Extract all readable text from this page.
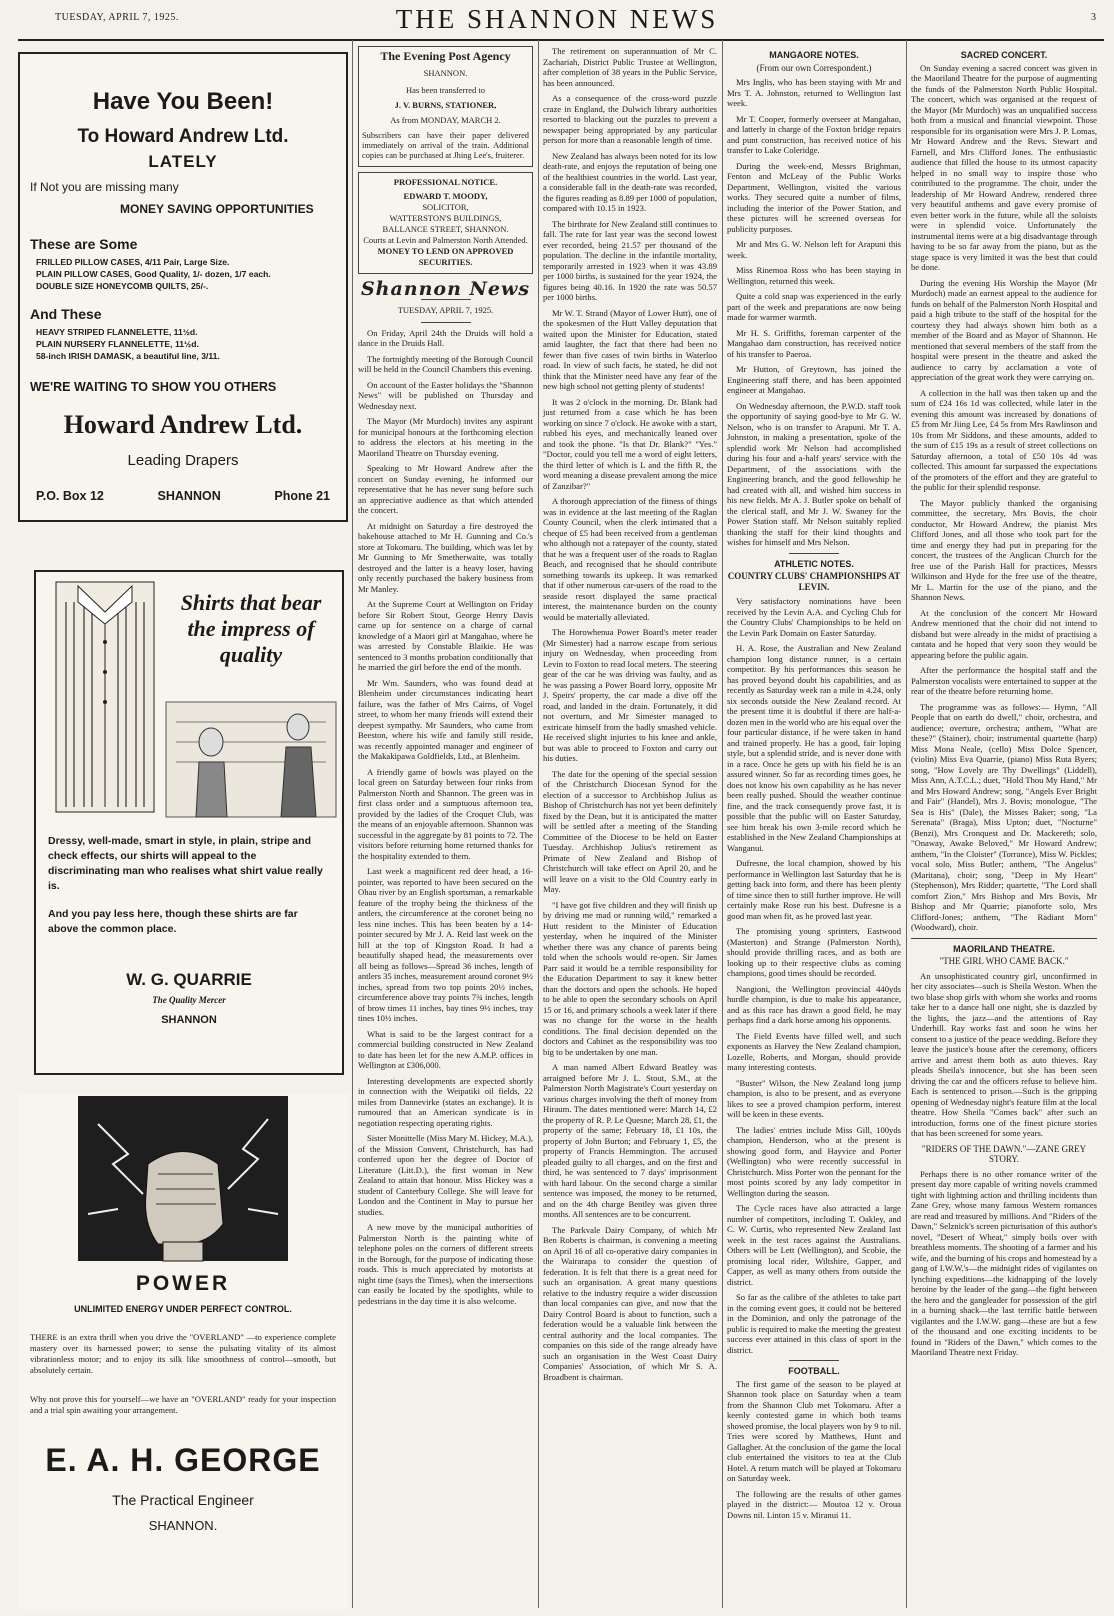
TUESDAY, APRIL 7, 1925.	THE SHANNON NEWS	3
Have You Been!
To Howard Andrew Ltd.
LATELY
If Not you are missing many
MONEY SAVING OPPORTUNITIES
These are Some
FRILLED PILLOW CASES, 4/11 Pair, Large Size.
PLAIN PILLOW CASES, Good Quality, 1/- dozen, 1/7 each.
DOUBLE SIZE HONEYCOMB QUILTS, 25/-.
And These
HEAVY STRIPED FLANNELETTE, 11½d.
PLAIN NURSERY FLANNELETTE, 11½d.
58-inch IRISH DAMASK, a beautiful line, 3/11.
WE'RE WAITING TO SHOW YOU OTHERS
Howard Andrew Ltd.
Leading Drapers
P.O. Box 12	SHANNON	Phone 21
Shirts that bear the impress of quality
Dressy, well-made, smart in style, in plain, stripe and check effects, our shirts will appeal to the discriminating man who realises what shirt value really is.
And you pay less here, though these shirts are far above the common place.
W. G. QUARRIE
The Quality Mercer
SHANNON
POWER
UNLIMITED ENERGY UNDER PERFECT CONTROL.
THERE is an extra thrill when you drive the "OVERLAND" —to experience complete mastery over its harnessed power; to sense the pulsating vitality of its almost vibrationless motor; and to enjoy its silk like smoothness of control—smooth, but absolutely certain.
Why not prove this for yourself—we have an "OVERLAND" ready for your inspection and a trial spin awaiting your arrangement.
E. A. H. GEORGE
The Practical Engineer
SHANNON.
The Evening Post Agency
SHANNON.
Has been transferred to
J. V. BURNS, STATIONER,
As from MONDAY, MARCH 2.
Subscribers can have their paper delivered immediately on arrival of the train. Additional copies can be purchased at Jhing Lee's, fruiterer.
PROFESSIONAL NOTICE.
EDWARD T. MOODY,
SOLICITOR,
WATTERSTON'S BUILDINGS,
BALLANCE STREET, SHANNON.
Courts at Levin and Palmerston North Attended.
MONEY TO LEND ON APPROVED SECURITIES.
Shannon News
TUESDAY, APRIL 7, 1925.

On Friday, April 24th the Druids will hold a dance in the Druids Hall.

The fortnightly meeting of the Borough Council will be held in the Council Chambers this evening.

On account of the Easter holidays the "Shannon News" will be published on Thursday and Wednesday next.

The Mayor (Mr Murdoch) invites any aspirant for municipal honours at the forthcoming election to address the electors at his meeting in the Maoriland Theatre on Thursday evening.

Speaking to Mr Howard Andrew after the concert on Sunday evening, he informed our representative that he has never sung before such an appreciative audience as that which attended the concert.

At midnight on Saturday a fire destroyed the bakehouse attached to Mr H. Gunning and Co.'s store at Tokomaru. The building, which was let by Mr Gunning to Mr Smetherwaite, was totally destroyed and the latter is a heavy loser, having only recently purchased the bakery business from Mr Manley.

At the Supreme Court at Wellington on Friday before Sir Robert Stout, George Henry Davis came up for sentence on a charge of carnal knowledge of a Maori girl at Mangahao, where he was arrested by Constable Blaikie. He was sentenced to 3 months probation conditionally that he married the girl before the end of the month.

Mr Wm. Saunders, who was found dead at Blenheim under circumstances indicating heart failure, was the father of Mrs Cairns, of Vogel street, to whom her many friends will extend their deepest sympathy. Mr Saunders, who came from Beeston, where his wife and family still reside, was recently appointed manager and engineer of the Makakipawa Goldfields, Ltd., at Blenheim.

A friendly game of bowls was played on the local green on Saturday between four rinks from Palmerston North and Shannon. The green was in first class order and a sumptuous afternoon tea, provided by the ladies of the Croquet Club, was the means of an enjoyable afternoon. Shannon was successful in the aggregate by 81 points to 72. The visitors before returning home returned thanks for the hospitality extended to them.

Last week a magnificent red deer head, a 16-pointer, was reported to have been secured on the Ohau river by an English sportsman, a remarkable feature of the trophy being the thickness of the antlers, the circumference at the coronet being no less nine inches. This has been beaten by a 14-pointer secured by Mr J. A. Reid last week on the hill at the top of Kingston Road. It had a beautifully shaped head, the measurements over all being as follows—Spread 36 inches, length of antlers 35 inches, measurement around coronet 9½ inches, spread from two top points 20½ inches, circumference above tray points 7¾ inches, length of brow times 11 inches, bay tines 9½ inches, tray tines 10½ inches.

What is said to be the largest contract for a commercial building constructed in New Zealand to date has been let for the new A.M.P. offices in Wellington at £306,000.

Interesting developments are expected shortly in connection with the Weipatiki oil fields, 22 miles from Dannevirke (states an exchange). It is rumoured that an American syndicate is in negotiation respecting operating rights.

Sister Monittelle (Miss Mary M. Hickey, M.A.), of the Mission Convent, Christchurch, has had conferred upon her the degree of Doctor of Literature (Litt.D.), the first woman in New Zealand to attain that honour. Miss Hickey was a student of Canterbury College. She will leave for London and the Continent in May to pursue her studies.

A new move by the municipal authorities of Palmerston North is the painting white of telephone poles on the corners of different streets in the Borough, for the purpose of indicating those roads. This is much appreciated by motorists at night time (says the Times), when the intersections can easily be located by the spotlights, while to pedestrians in the day time it is also welcome.

The retirement on superannuation of Mr C. Zachariah, District Public Trustee at Wellington, after completion of 38 years in the Public Service, has been announced.

As a consequence of the cross-word puzzle craze in England, the Dulwich library authorities resorted to blacking out the puzzles to prevent a newspaper being appropriated by any particular person for more than a reasonable length of time.

New Zealand has always been noted for its low death-rate, and enjoys the reputation of being one of the healthiest countries in the world. Last year, a considerable fall in the death-rate was recorded, the figures reading as 8.89 per 1000 of population, compared with 10.15 in 1923.

The birthrate for New Zealand still continues to fall. The rate for last year was the second lowest ever recorded, being 21.57 per thousand of the population. The decline in the infantile mortality, temporarily arrested in 1923 when it was 43.89 per 1000 births, is sustained for the year 1924, the figures being 40.16. In 1920 the rate was 50.57 per 1000 births.

Mr W. T. Strand (Mayor of Lower Hutt), one of the spokesmen of the Hutt Valley deputation that waited upon the Minister for Education, stated amid laughter, the fact that there had been no fewer than five cases of twin births in Waterloo road. In view of such facts, he stated, he did not think that the Minister need have any fear of the new high school not getting plenty of students!

It was 2 o'clock in the morning. Dr. Blank had just returned from a case which he has been working on since 7 o'clock. He awoke with a start, rubbed his eyes, and mechanically leaned over and took the phone. "Is that Dr. Blank?" "Yes." "Doctor, could you tell me a word of eight letters, the third letter of which is L and the fifth R, the word meaning a disease prevalent among the mice of Zanzibar?"

A thorough appreciation of the fitness of things was in evidence at the last meeting of the Raglan County Council, when the clerk intimated that a cheque of £5 had been received from a gentleman who although not a ratepayer of the county, stated that he was a frequent user of the roads to Raglan Beach, and recognised that he should contribute something towards its upkeep. It was remarked that if other numerous car-users of the road to the seaside resort displayed the same practical interest, the maintenance burden on the county would be materially alleviated.

The Horowhenua Power Board's meter reader (Mr Simester) had a narrow escape from serious injury on Wednesday, when proceeding from Levin to Foxton to read local meters. The steering gear of the car he was driving was faulty, and as he was passing a Power Board lorry, opposite Mr J. Speirs' property, the car made a dive off the road, and landed in the drain. Fortunately, it did not overturn, and Mr Simester managed to extricate himself from the badly smashed vehicle. He received slight injuries to his knee and ankle, but was able to proceed to Foxton and carry out his duties.

The date for the opening of the special session of the Christchurch Diocesan Synod for the election of a successor to Archbishop Julius as Bishop of Christchurch has not yet been definitely fixed by the Dean, but it is anticipated the matter will be settled after a meeting of the Standing Committee of the Diocese to be held on Easter Tuesday. Archbishop Julius's retirement as Primate of New Zealand and Bishop of Christchurch will take effect on April 20, and he will leave on a visit to the Old Country early in May.

"I have got five children and they will finish up by driving me mad or running wild," remarked a Hutt resident to the Minister of Education yesterday, when he inquired of the Minister whether there was any chance of parents being told when the schools would re-open. Sir James Parr said it would be a terrible responsibility for the Education Department to say it knew better than the doctors and open the schools. He hoped to be able to open the secondary schools on April 15 or 16, and primary schools a week later if there was no change for the worse in the health conditions. The final decision depended on the doctors and Cabinet as the responsibility was too big to be undertaken by one man.

A man named Albert Edward Beatley was arraigned before Mr J. L. Stout, S.M., at the Palmerston North Magistrate's Court yesterday on various charges involving the theft of money from Hiraum. The dates mentioned were: March 14, £2 the property of R. P. Le Quesne; March 28, £1, the property of the same; February 18, £1 10s, the property of John Burton; and February 1, £5, the property of Francis Hemmington. The accused pleaded guilty to all charges, and on the first and third, he was sentenced to 7 days' imprisonment with hard labour. On the second charge a similar sentence was imposed, the money to be returned, and on the 4th charge Bentley was given three months. All sentences are to be concurrent.

The Parkvale Dairy Company, of which Mr Ben Roberts is chairman, is convening a meeting on April 16 of all co-operative dairy companies in the Wairarapa to consider the question of federation. It is felt that there is a great need for such an organisation. A great many questions relative to the industry require a wider discussion than local companies can give, and now that the Dairy Control Board is about to function, such a federation would be a valuable link between the central authority and the local companies. The companies on this side of the range already have such an organisation in the West Coast Dairy Companies' Association, of which Mr S. A. Broadbent is chairman.

MANGAORE NOTES.
(From our own Correspondent.)

Mrs Inglis, who has been staying with Mr and Mrs T. A. Johnston, returned to Wellington last week.

Mr T. Cooper, formerly overseer at Mangahao, and latterly in charge of the Foxton bridge repairs and punt construction, has received notice of his transfer to Lake Coleridge.

During the week-end, Messrs Brighman, Fenton and McLeay of the Public Works Department, Wellington, visited the various works. They secured quite a number of films, including the interior of the Power Station, and these pictures will be screened overseas for publicity purposes.

Mr and Mrs G. W. Nelson left for Arapuni this week.

Miss Rinemoa Ross who has been staying in Wellington, returned this week.

Quite a cold snap was experienced in the early part of the week and preparations are now being made for warmer warmth.

Mr H. S. Griffiths, foreman carpenter of the Mangahao dam construction, has received notice of his transfer to Paeroa.

Mr Hutton, of Greytown, has joined the Engineering staff there, and has been appointed engineer at Mangahao.

On Wednesday afternoon, the P.W.D. staff took the opportunity of saying good-bye to Mr G. W. Nelson, who is on transfer to Arapuni. Mr T. A. Johnston, in making a presentation, spoke of the splendid work Mr Nelson had accomplished during his four and a-half years' service with the Department, of the associations with the Engineering branch, and the good fellowship he had created with all, and wished him success in his new fields. Mr A. J. Butler spoke on behalf of the clerical staff, and Mr J. W. Swaney for the Power Station staff. Mr Nelson suitably replied thanking the staff for their kind thoughts and wishes for himself and Mrs Nelson.

ATHLETIC NOTES.
COUNTRY CLUBS' CHAMPIONSHIPS AT LEVIN.

Very satisfactory nominations have been received by the Levin A.A. and Cycling Club for the Country Clubs' Championships to be held on the Levin Park Domain on Easter Saturday.

H. A. Rose, the Australian and New Zealand champion long distance runner, is a certain competitor. By his performances this season he has proved beyond doubt his capabilities, and as recently as Saturday week ran a mile in 4.24, only six seconds outside the New Zealand record. At the present time it is doubtful if there are half-a-dozen men in the world who are his equal over the four particular distance, if he were taken in hand and trained properly. He has a good, fair loping style, but a splendid stride, and is never done with in a race. Once he gets up with his field he is an assured winner. So far as recording times goes, he does not know his own capability as he has never been really pushed. Should the weather continue fine, and the track consequently prove fast, it is possible that the public will on Easter Saturday, see him break his own 3-mile record which he established in the New Zealand Championships at Wanganui.

Dufresne, the local champion, showed by his performance in Wellington last Saturday that he is getting back into form, and there has been plenty of time since then to still further improve. He will certainly make Rose run his best. Dufresne is a good man when fit, as he proved last year.

The promising young sprinters, Eastwood (Masterton) and Strange (Palmerston North), should provide thrilling races, and as both are looking up to their respective clubs as coming champions, good times should be recorded.

Nangioni, the Wellington provincial 440yds hurdle champion, is due to make his appearance, and as this race has drawn a good field, he may perhaps find a dark horse among his opponents.

The Field Events have filled well, and such exponents as Harvey the New Zealand champion, Lozelle, Roberts, and Morgan, should provide many interesting contests.

"Buster" Wilson, the New Zealand long jump champion, is also to be present, and as everyone likes to see a proved champion perform, interest will be keen in these events.

The ladies' entries include Miss Gill, 100yds champion, Henderson, who at the present is showing good form, and Hayvice and Porter (Wellington) who were recently successful in Christchurch. Miss Porter won the pennant for the most points scored by any lady competitor in Wellington during the season.

The Cycle races have also attracted a large number of competitors, including T. Oakley, and C. W. Curtis, who represented New Zealand last week in the test races against the Australians. Others will be Lett (Wellington), and Scobie, the promising local rider, Wiltshire, Gapper, and Capper, as well as many others from outside the district.

So far as the calibre of the athletes to take part in the coming event goes, it could not be bettered in the Dominion, and only the patronage of the public is required to make the meeting the greatest success ever attained in this class of sport in the district.

FOOTBALL.

The first game of the season to be played at Shannon took place on Saturday when a team from the Shannon Club met Tokomaru. After a keenly contested game in which both teams showed promise, the local players won by 9 to nil. Tries were scored by Matthews, Hunt and Gallagher. At the conclusion of the game the local club entertained the visitors to tea at the Club Hotel. A return match will be played at Tokomaru on Saturday week.

The following are the results of other games played in the district:— Moutoa 12 v. Oroua Downs nil. Linton 15 v. Miranui 11.

SACRED CONCERT.

On Sunday evening a sacred concert was given in the Maoriland Theatre for the purpose of augmenting the funds of the Palmerston North Public Hospital. The concert, which was organised at the request of the Mayor (Mr Murdoch) was an unqualified success both from a musical and financial viewpoint. Those responsible for its organisation were Mrs J. P. Lomas, Mr Howard Andrew and the Revs. Stewart and Farnell, and Mrs Clifford Jones. The enthusiastic audience that filled the house to its utmost capacity helped in no small way to inspire those who contributed to the programme. The choir, under the leadership of Mr Howard Andrew, rendered three very beautiful anthems and gave every promise of even better work in the future, while all the soloists were in splendid voice. Unfortunately the instrumental items were at a big disadvantage through having to be so far away from the piano, but as the stage space is very limited it was the best that could be done.

During the evening His Worship the Mayor (Mr Murdoch) made an earnest appeal to the audience for funds on behalf of the Palmerston North Hospital and paid a high tribute to the staff of the hospital for the courtesy they had always shown him both as a member of the Board and as Mayor of Shannon. He mentioned that several members of the staff from the hospital were present in the theatre and asked the audience to carry by acclamation a vote of appreciation of the great work they were carrying on.

A collection in the hall was then taken up and the sum of £24 16s 1d was collected, while later in the evening this amount was increased by donations of £5 from Mr Jiing Lee, £4 5s from Mrs Rawlinson and 10s from Mr Siddons, and these amounts, added to the sum of £15 19s as a result of street collections on Saturday afternoon, a total of £50 10s 4d was collected. This amount far surpassed the expectations of the promoters of the effort and they are grateful to the public for their splendid response.

The Mayor publicly thanked the organising committee, the secretary, Mrs Bovis, the choir conductor, Mr Howard Andrew, the pianist Mrs Clifford Jones, and all those who took part for the time and energy they had put in preparing for the concert, the trustees of the Anglican Church for the free use of the Parish Hall for practices, Messrs Wilkinson and Hyde for the free use of the theatre, Mr L. Martin for the use of the piano, and the Shannon News.

At the conclusion of the concert Mr Howard Andrew mentioned that the choir did not intend to disband but were already in the midst of practising a cantata and he hoped that very soon they would be appearing before the public again.

After the performance the hospital staff and the Palmerston vocalists were entertained to supper at the rear of the theatre before returning home.

The programme was as follows:— Hymn, "All People that on earth do dwell," choir, orchestra, and audience; overture, orchestra; anthem, "What are these?" (Stainer), choir; instrumental quartette (harp) Miss Mona Neale, (cello) Miss Dolce Spencer, (violin) Miss Eva Quarrie, (piano) Miss Ruta Byers; song, "How Lovely are Thy Dwellings" (Liddell), Miss Ann, A.T.C.L.; duet, "Hold Thou My Hand," Mr and Mrs Howard Andrew; song, "Angels Ever Bright and Fair" (Handel), Mrs J. Bovis; monologue, "The Sea is His" (Dale), the Misses Baker; song, "La Serenata" (Braga), Miss Upton; duet, "Nocturne" (Benzi), Mrs Cronquest and Dr. Mackereth; solo, "Onaway, Awake Beloved," Mr Howard Andrew; anthem, "In the Cloister" (Torrance), Miss W. Pickles; vocal solo, Miss Butler; anthem, "The Angelus" (Maritana), choir; song, "Deep in My Heart" (Stephenson), Mrs Ridder; quartette, "The Lord shall comfort Zion," Mrs Bishop and Mrs Bovis, Mr Bishop and Mr Quarrie; pianoforte solo, Mrs Clifford-Jones; anthem, "The Radiant Morn" (Woodward), choir.

MAORILAND THEATRE.
"THE GIRL WHO CAME BACK."

An unsophisticated country girl, unconfirmed in her city associates—such is Sheila Weston. When the two blase shop girls with whom she works and rooms take her to a dance hall one night, she is dazzled by the lights, the jazz—and the attentions of Ray Underhill. Ray works fast and soon he wins her consent to a justice of the peace wedding. Before they leave the justice's house after the ceremony, officers arrive and arrest them both as auto thieves. Ray pleads Sheila's innocence, but she has been seen driving the car and the officers refuse to believe him. Each is sentenced to prison.—Such is the gripping opening of Wednesday night's feature film at the local theatre. How Sheila "Comes back" after such an introduction, forms one of the finest picture stories that has been screened for some years.

"RIDERS OF THE DAWN."—ZANE GREY STORY.

Perhaps there is no other romance writer of the present day more capable of writing novels crammed tight with lightning action and thrilling incidents than Zane Grey, whose many famous Western romances are read and treasured by millions. And "Riders of the Dawn," Selznick's screen picturisation of this author's novel, "Desert of Wheat," simply boils over with breathless moments. The shooting of a farmer and his wife, and the burning of his crops and homestead by a gang of I.W.W.'s—the midnight rides of vigilantes on lynching expeditions—the kidnapping of the lovely heroine by the leader of the gang—the fight between the hero and the gangleader for possession of the girl in a burning shack—the last terrific battle between vigilantes and the I.W.W. gang—these are but a few of the thousand and one exciting incidents to be found in "Riders of the Dawn," which comes to the Maoriland Theatre next Friday.
